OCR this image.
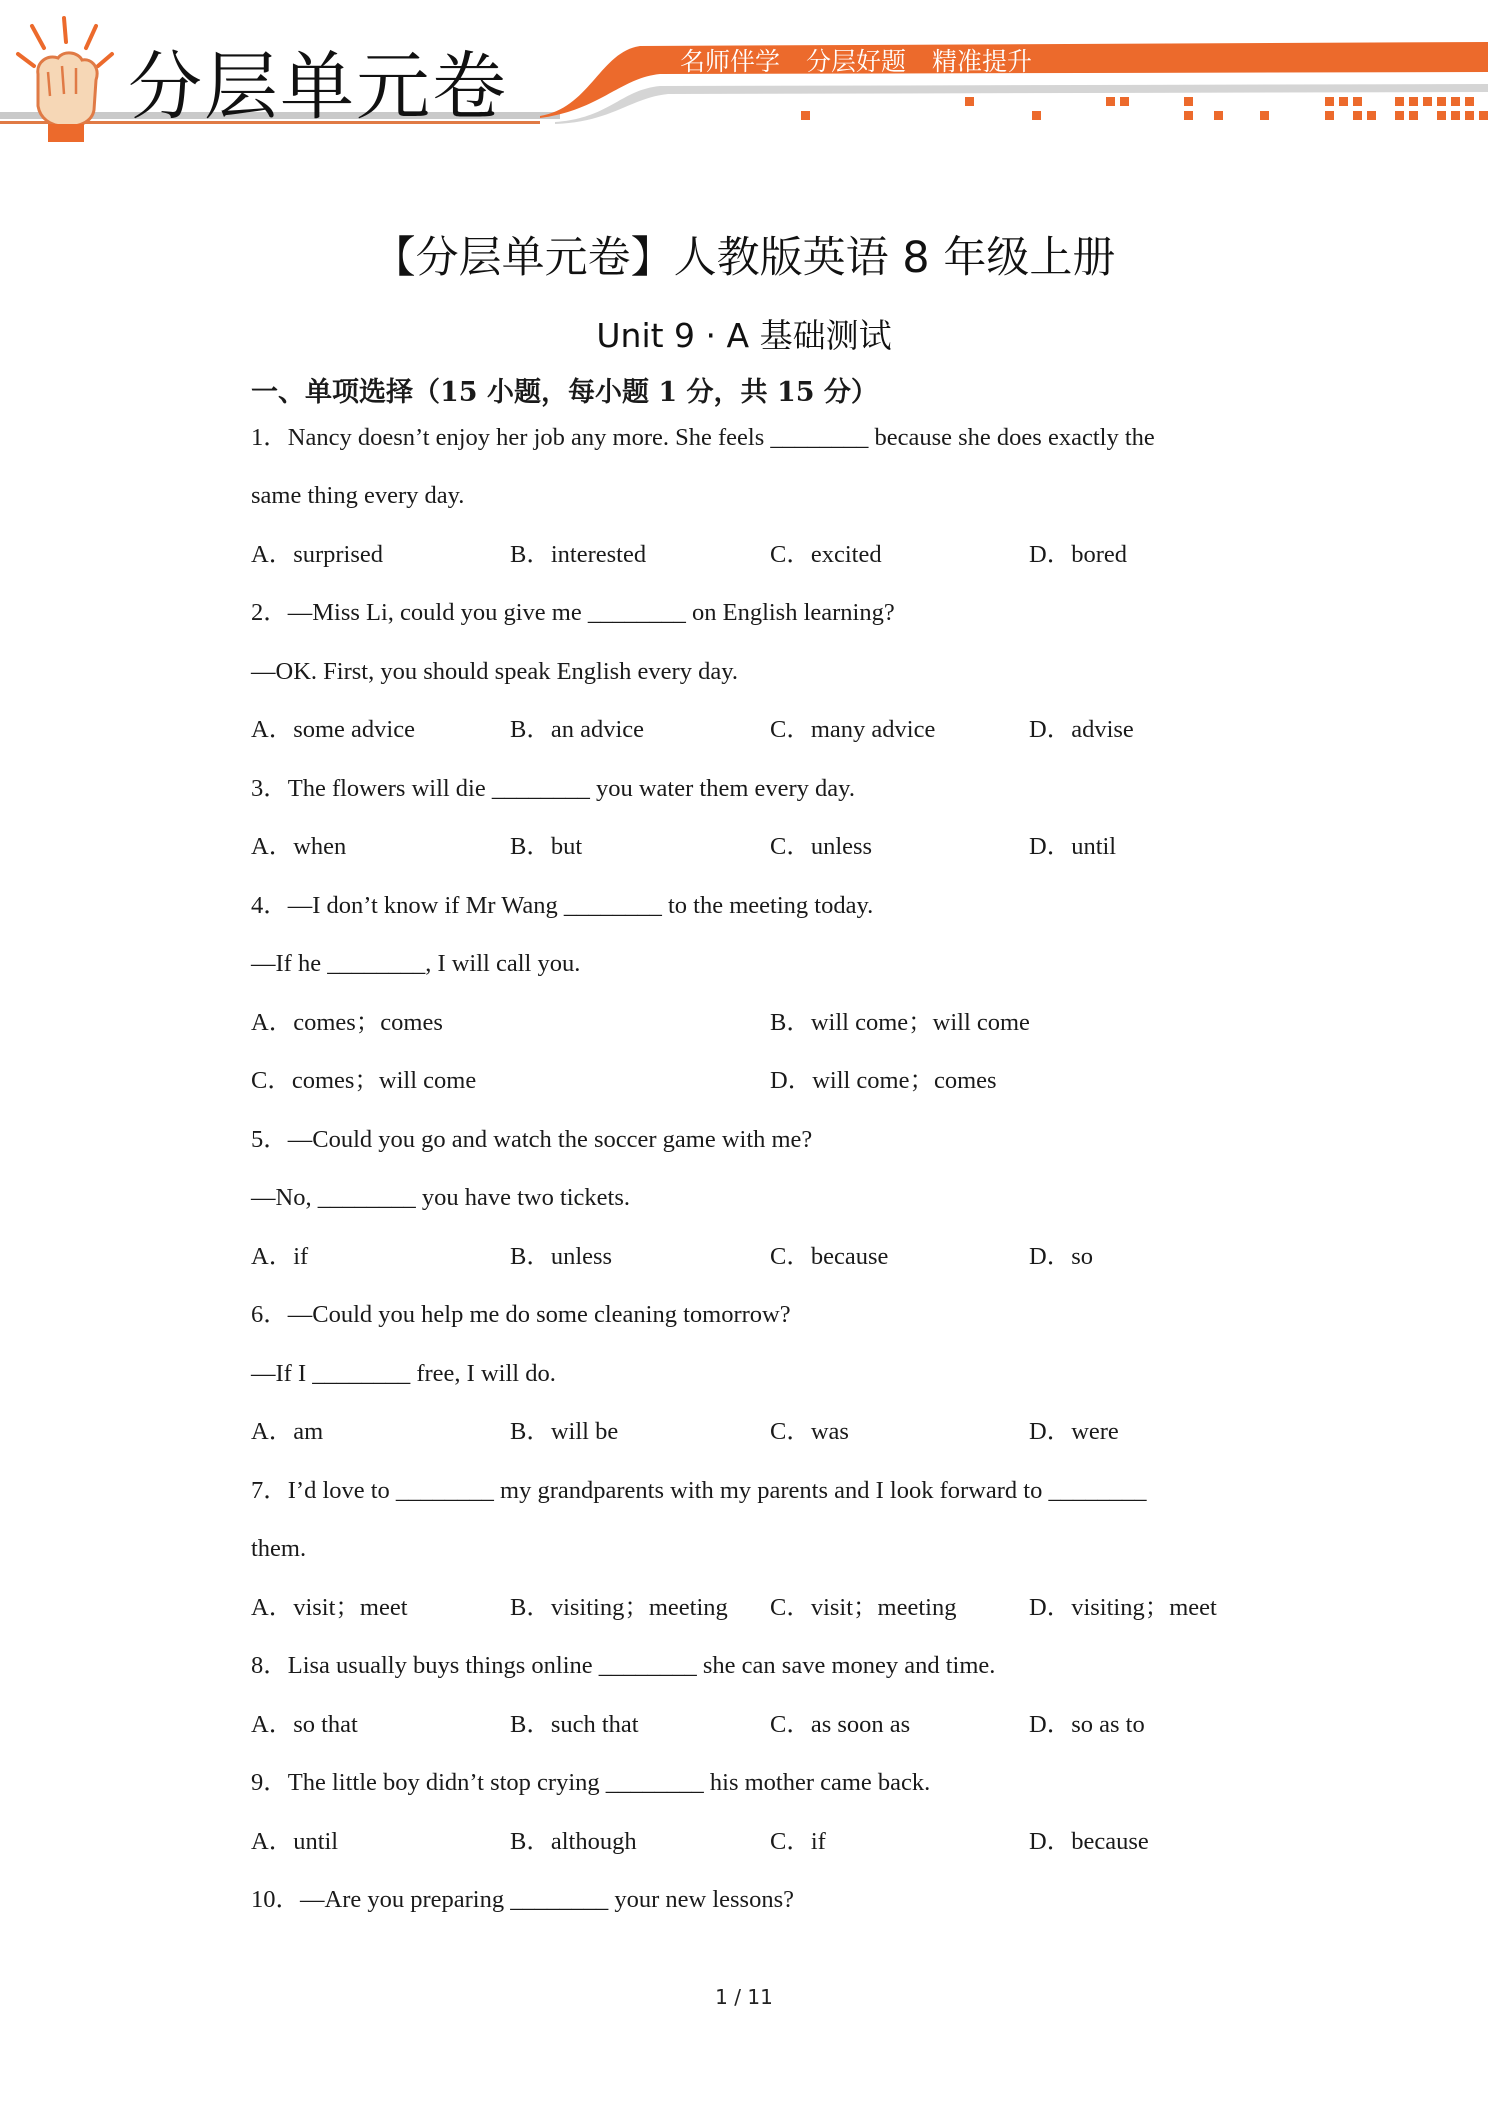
分层单元卷	名师伴学 分层好题 精准提升
【分层单元卷】人教版英语 8 年级上册
Unit 9 · A 基础测试
一、单项选择（15 小题，每小题 1 分，共 15 分）
1．Nancy doesn’t enjoy her job any more. She feels ________ because she does exactly the
same thing every day.
A．surprised	B．interested	C．excited	D．bored
2．—Miss Li, could you give me ________ on English learning?
—OK. First, you should speak English every day.
A．some advice	B．an advice	C．many advice	D．advise
3．The flowers will die ________ you water them every day.
A．when	B．but	C．unless	D．until
4．—I don’t know if Mr Wang ________ to the meeting today.
—If he ________, I will call you.
A．comes；comes	B．will come；will come
C．comes；will come	D．will come；comes
5．—Could you go and watch the soccer game with me?
—No, ________ you have two tickets.
A．if	B．unless	C．because	D．so
6．—Could you help me do some cleaning tomorrow?
—If I ________ free, I will do.
A．am	B．will be	C．was	D．were
7．I’d love to ________ my grandparents with my parents and I look forward to ________
them.
A．visit；meet	B．visiting；meeting C．visit；meeting	D．visiting；meet
8．Lisa usually buys things online ________ she can save money and time.
A．so that	B．such that	C．as soon as	D．so as to
9．The little boy didn’t stop crying ________ his mother came back.
A．until	B．although	C．if	D．because
10．—Are you preparing ________ your new lessons?
1 / 11
